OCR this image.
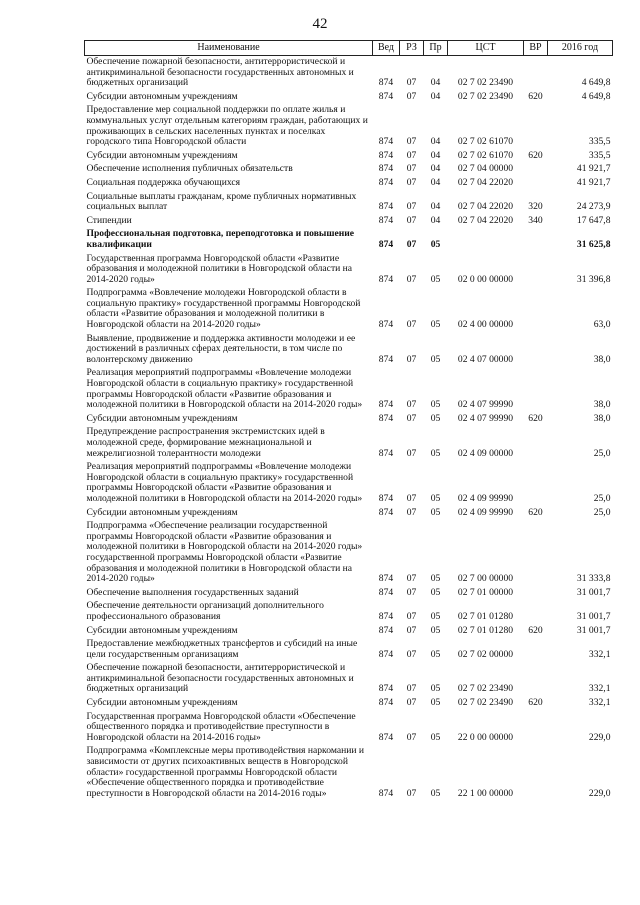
42
Наименование	Вед	РЗ	Пр	ЦСТ	ВР	2016 год
Обеспечение пожарной безопасности, антитеррористической и антикриминальной безопасности государственных автономных и бюджетных организаций	874	07	04	02 7 02 23490		4 649,8
Субсидии автономным учреждениям	874	07	04	02 7 02 23490	620	4 649,8
Предоставление мер социальной поддержки по оплате жилья и коммунальных услуг отдельным категориям граждан, работающих и проживающих в сельских населенных пунктах и поселках городского типа Новгородской области	874	07	04	02 7 02 61070		335,5
Субсидии автономным учреждениям	874	07	04	02 7 02 61070	620	335,5
Обеспечение исполнения публичных обязательств	874	07	04	02 7 04 00000		41 921,7
Социальная поддержка обучающихся	874	07	04	02 7 04 22020		41 921,7
Социальные выплаты гражданам, кроме публичных нормативных социальных выплат	874	07	04	02 7 04 22020	320	24 273,9
Стипендии	874	07	04	02 7 04 22020	340	17 647,8
Профессиональная подготовка, переподготовка и повышение квалификации	874	07	05			31 625,8
Государственная программа Новгородской области «Развитие образования и молодежной политики в Новгородской области на 2014-2020 годы»	874	07	05	02 0 00 00000		31 396,8
Подпрограмма «Вовлечение молодежи Новгородской области в социальную практику» государственной программы Новгородской области «Развитие образования и молодежной политики в Новгородской области на 2014-2020 годы»	874	07	05	02 4 00 00000		63,0
Выявление, продвижение и поддержка активности молодежи и ее достижений в различных сферах деятельности, в том числе по волонтерскому движению	874	07	05	02 4 07 00000		38,0
Реализация мероприятий подпрограммы «Вовлечение молодежи Новгородской области в социальную практику» государственной программы Новгородской области «Развитие образования и молодежной политики в Новгородской области на 2014-2020 годы»	874	07	05	02 4 07 99990		38,0
Субсидии автономным учреждениям	874	07	05	02 4 07 99990	620	38,0
Предупреждение распространения экстремистских идей в молодежной среде, формирование межнациональной и межрелигиозной толерантности молодежи	874	07	05	02 4 09 00000		25,0
Реализация мероприятий подпрограммы «Вовлечение молодежи Новгородской области в социальную практику» государственной программы Новгородской области «Развитие образования и молодежной политики в Новгородской области на 2014-2020 годы»	874	07	05	02 4 09 99990		25,0
Субсидии автономным учреждениям	874	07	05	02 4 09 99990	620	25,0
Подпрограмма «Обеспечение реализации государственной программы Новгородской области «Развитие образования и молодежной политики в Новгородской области на 2014-2020 годы» государственной программы Новгородской области «Развитие образования и молодежной политики в Новгородской области на 2014-2020 годы»	874	07	05	02 7 00 00000		31 333,8
Обеспечение выполнения государственных заданий	874	07	05	02 7 01 00000		31 001,7
Обеспечение деятельности организаций дополнительного профессионального образования	874	07	05	02 7 01 01280		31 001,7
Субсидии автономным учреждениям	874	07	05	02 7 01 01280	620	31 001,7
Предоставление межбюджетных трансфертов и субсидий на иные цели государственным организациям	874	07	05	02 7 02 00000		332,1
Обеспечение пожарной безопасности, антитеррористической и антикриминальной безопасности государственных автономных и бюджетных организаций	874	07	05	02 7 02 23490		332,1
Субсидии автономным учреждениям	874	07	05	02 7 02 23490	620	332,1
Государственная программа Новгородской области «Обеспечение общественного порядка и противодействие преступности в Новгородской области на 2014-2016 годы»	874	07	05	22 0 00 00000		229,0
Подпрограмма «Комплексные меры противодействия наркомании и зависимости от других психоактивных веществ в Новгородской области» государственной программы Новгородской области «Обеспечение общественного порядка и противодействие преступности в Новгородской области на 2014-2016 годы»	874	07	05	22 1 00 00000		229,0
